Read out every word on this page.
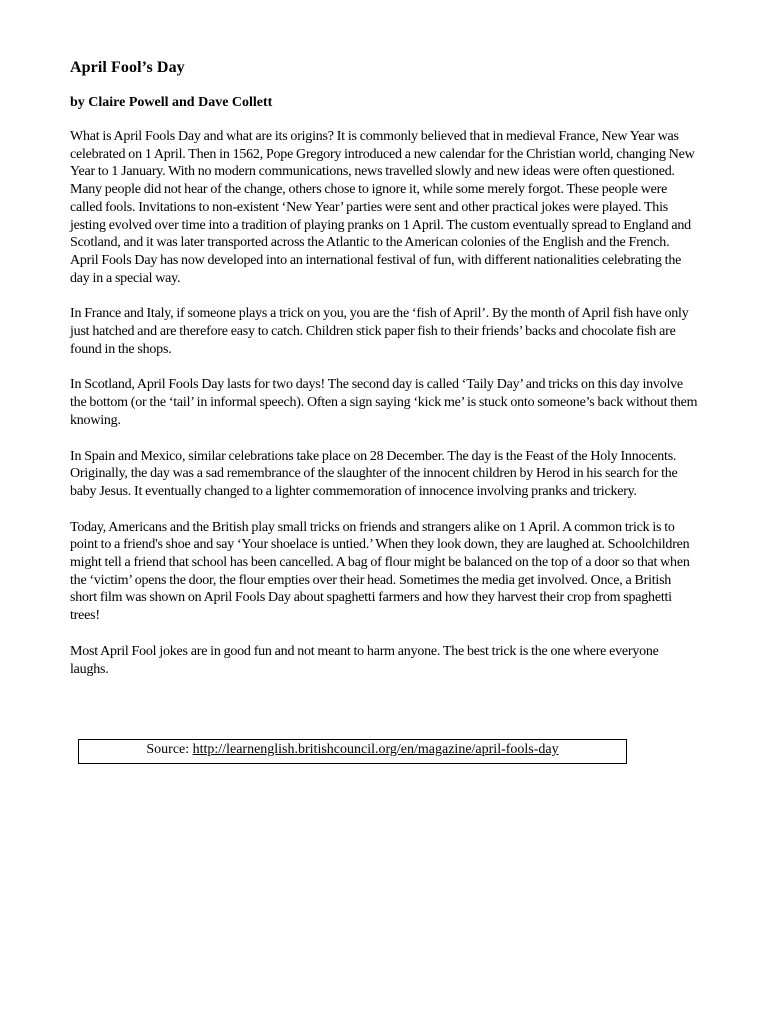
April Fool’s Day

by Claire Powell and Dave Collett

What is April Fools Day and what are its origins? It is commonly believed that in medieval France, New Year was celebrated on 1 April. Then in 1562, Pope Gregory introduced a new calendar for the Christian world, changing New Year to 1 January. With no modern communications, news travelled slowly and new ideas were often questioned. Many people did not hear of the change, others chose to ignore it, while some merely forgot. These people were called fools. Invitations to non-existent ‘New Year’ parties were sent and other practical jokes were played. This jesting evolved over time into a tradition of playing pranks on 1 April. The custom eventually spread to England and Scotland, and it was later transported across the Atlantic to the American colonies of the English and the French. April Fools Day has now developed into an international festival of fun, with different nationalities celebrating the day in a special way.

In France and Italy, if someone plays a trick on you, you are the ‘fish of April’. By the month of April fish have only just hatched and are therefore easy to catch. Children stick paper fish to their friends’ backs and chocolate fish are found in the shops.

In Scotland, April Fools Day lasts for two days! The second day is called ‘Taily Day’ and tricks on this day involve the bottom (or the ‘tail’ in informal speech). Often a sign saying ‘kick me’ is stuck onto someone’s back without them knowing.

In Spain and Mexico, similar celebrations take place on 28 December. The day is the Feast of the Holy Innocents. Originally, the day was a sad remembrance of the slaughter of the innocent children by Herod in his search for the baby Jesus. It eventually changed to a lighter commemoration of innocence involving pranks and trickery.

Today, Americans and the British play small tricks on friends and strangers alike on 1 April. A common trick is to point to a friend's shoe and say ‘Your shoelace is untied.’ When they look down, they are laughed at. Schoolchildren might tell a friend that school has been cancelled. A bag of flour might be balanced on the top of a door so that when the ‘victim’ opens the door, the flour empties over their head. Sometimes the media get involved. Once, a British short film was shown on April Fools Day about spaghetti farmers and how they harvest their crop from spaghetti trees!

Most April Fool jokes are in good fun and not meant to harm anyone. The best trick is the one where everyone laughs.

Source: http://learnenglish.britishcouncil.org/en/magazine/april-fools-day
